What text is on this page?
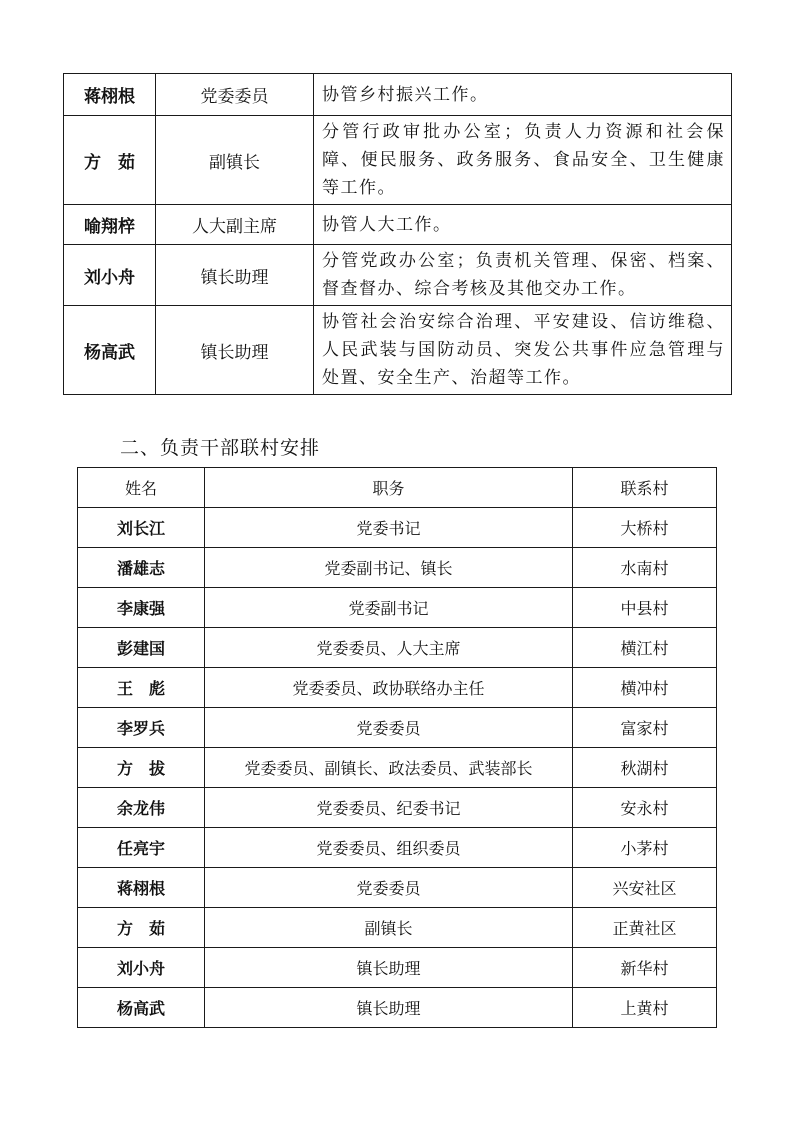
蒋栩根	党委委员	协管乡村振兴工作。
方　茹	副镇长	分管行政审批办公室；负责人力资源和社会保障、便民服务、政务服务、食品安全、卫生健康等工作。
喻翔梓	人大副主席	协管人大工作。
刘小舟	镇长助理	分管党政办公室；负责机关管理、保密、档案、督查督办、综合考核及其他交办工作。
杨高武	镇长助理	协管社会治安综合治理、平安建设、信访维稳、人民武装与国防动员、突发公共事件应急管理与处置、安全生产、治超等工作。
二、负责干部联村安排
姓名	职务	联系村
刘长江	党委书记	大桥村
潘雄志	党委副书记、镇长	水南村
李康强	党委副书记	中县村
彭建国	党委委员、人大主席	横江村
王　彪	党委委员、政协联络办主任	横冲村
李罗兵	党委委员	富家村
方　拔	党委委员、副镇长、政法委员、武装部长	秋湖村
余龙伟	党委委员、纪委书记	安永村
任亮宇	党委委员、组织委员	小茅村
蒋栩根	党委委员	兴安社区
方　茹	副镇长	正黄社区
刘小舟	镇长助理	新华村
杨高武	镇长助理	上黄村
